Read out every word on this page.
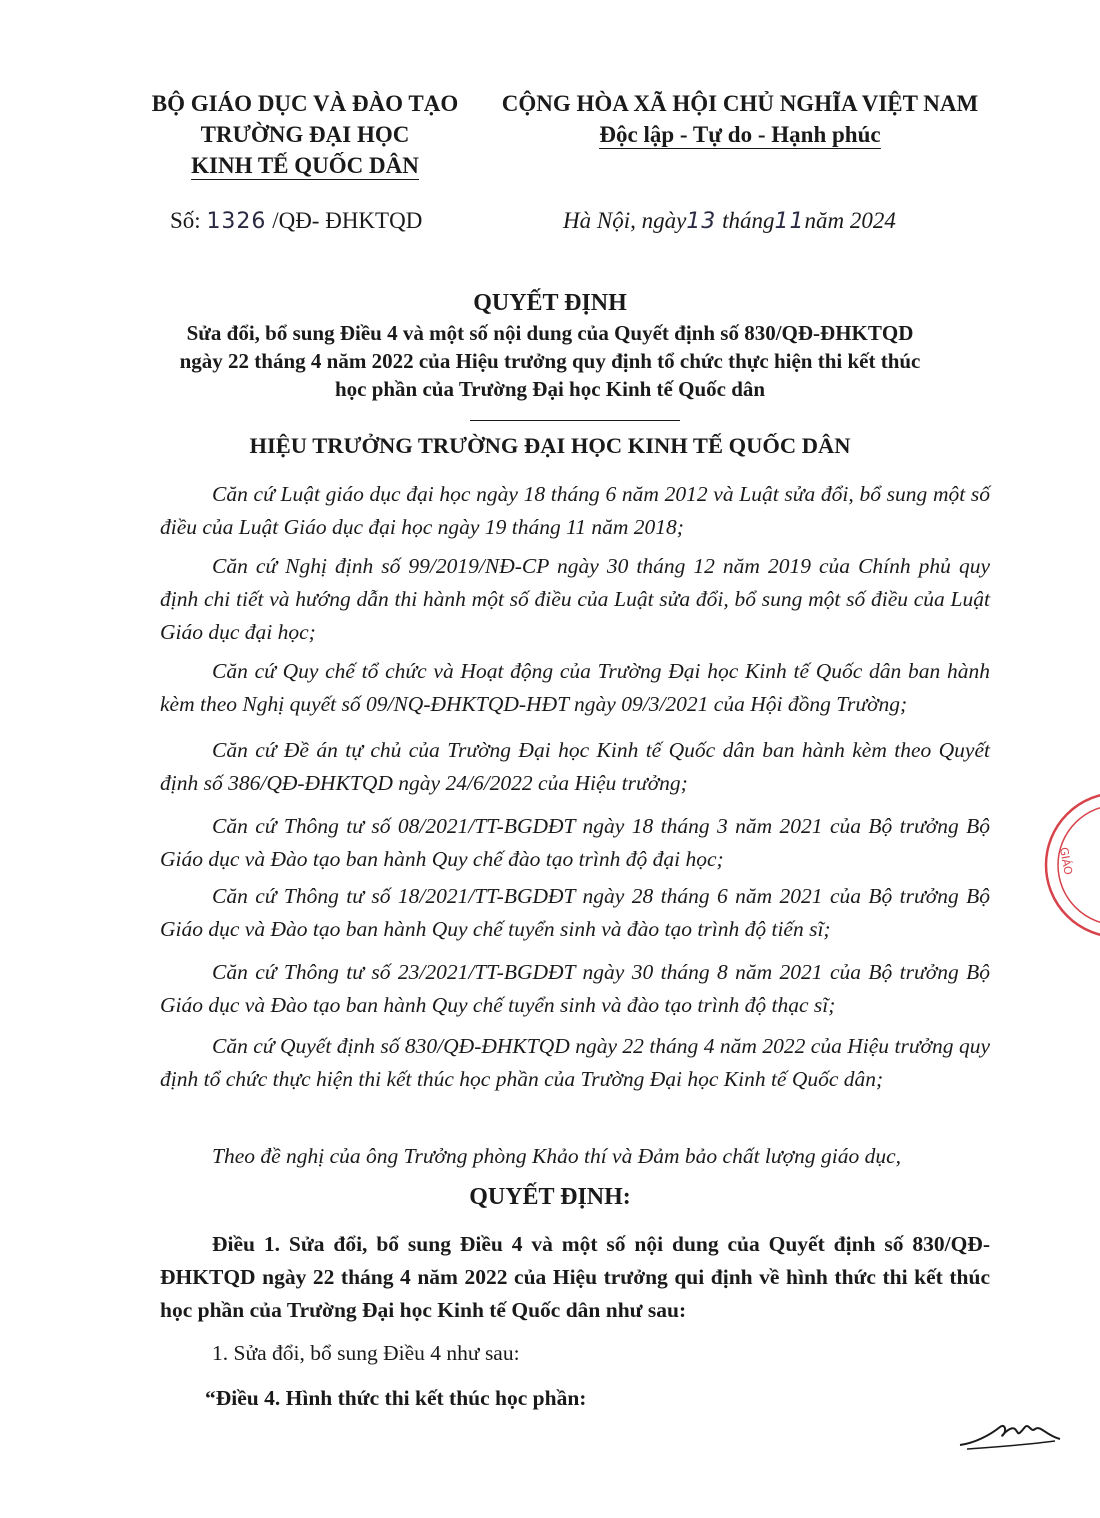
BỘ GIÁO DỤC VÀ ĐÀO TẠO
TRƯỜNG ĐẠI HỌC
KINH TẾ QUỐC DÂN
CỘNG HÒA XÃ HỘI CHỦ NGHĨA VIỆT NAM
Độc lập - Tự do - Hạnh phúc
Số: 1326 /QĐ- ĐHKTQD	Hà Nội, ngày13 tháng11năm 2024
QUYẾT ĐỊNH
Sửa đổi, bổ sung Điều 4 và một số nội dung của Quyết định số 830/QĐ-ĐHKTQD
ngày 22 tháng 4 năm 2022 của Hiệu trưởng quy định tổ chức thực hiện thi kết thúc
học phần của Trường Đại học Kinh tế Quốc dân
HIỆU TRƯỞNG TRƯỜNG ĐẠI HỌC KINH TẾ QUỐC DÂN
Căn cứ Luật giáo dục đại học ngày 18 tháng 6 năm 2012 và Luật sửa đổi, bổ sung một số điều của Luật Giáo dục đại học ngày 19 tháng 11 năm 2018;
Căn cứ Nghị định số 99/2019/NĐ-CP ngày 30 tháng 12 năm 2019 của Chính phủ quy định chi tiết và hướng dẫn thi hành một số điều của Luật sửa đổi, bổ sung một số điều của Luật Giáo dục đại học;
Căn cứ Quy chế tổ chức và Hoạt động của Trường Đại học Kinh tế Quốc dân ban hành kèm theo Nghị quyết số 09/NQ-ĐHKTQD-HĐT ngày 09/3/2021 của Hội đồng Trường;
Căn cứ Đề án tự chủ của Trường Đại học Kinh tế Quốc dân ban hành kèm theo Quyết định số 386/QĐ-ĐHKTQD ngày 24/6/2022 của Hiệu trưởng;
Căn cứ Thông tư số 08/2021/TT-BGDĐT ngày 18 tháng 3 năm 2021 của Bộ trưởng Bộ Giáo dục và Đào tạo ban hành Quy chế đào tạo trình độ đại học;
Căn cứ Thông tư số 18/2021/TT-BGDĐT ngày 28 tháng 6 năm 2021 của Bộ trưởng Bộ Giáo dục và Đào tạo ban hành Quy chế tuyển sinh và đào tạo trình độ tiến sĩ;
Căn cứ Thông tư số 23/2021/TT-BGDĐT ngày 30 tháng 8 năm 2021 của Bộ trưởng Bộ Giáo dục và Đào tạo ban hành Quy chế tuyển sinh và đào tạo trình độ thạc sĩ;
Căn cứ Quyết định số 830/QĐ-ĐHKTQD ngày 22 tháng 4 năm 2022 của Hiệu trưởng quy định tổ chức thực hiện thi kết thúc học phần của Trường Đại học Kinh tế Quốc dân;
Theo đề nghị của ông Trưởng phòng Khảo thí và Đảm bảo chất lượng giáo dục,
QUYẾT ĐỊNH:
Điều 1. Sửa đổi, bổ sung Điều 4 và một số nội dung của Quyết định số 830/QĐ-ĐHKTQD ngày 22 tháng 4 năm 2022 của Hiệu trưởng qui định về hình thức thi kết thúc học phần của Trường Đại học Kinh tế Quốc dân như sau:
1. Sửa đổi, bổ sung Điều 4 như sau:
“Điều 4. Hình thức thi kết thúc học phần:
GIÁO
